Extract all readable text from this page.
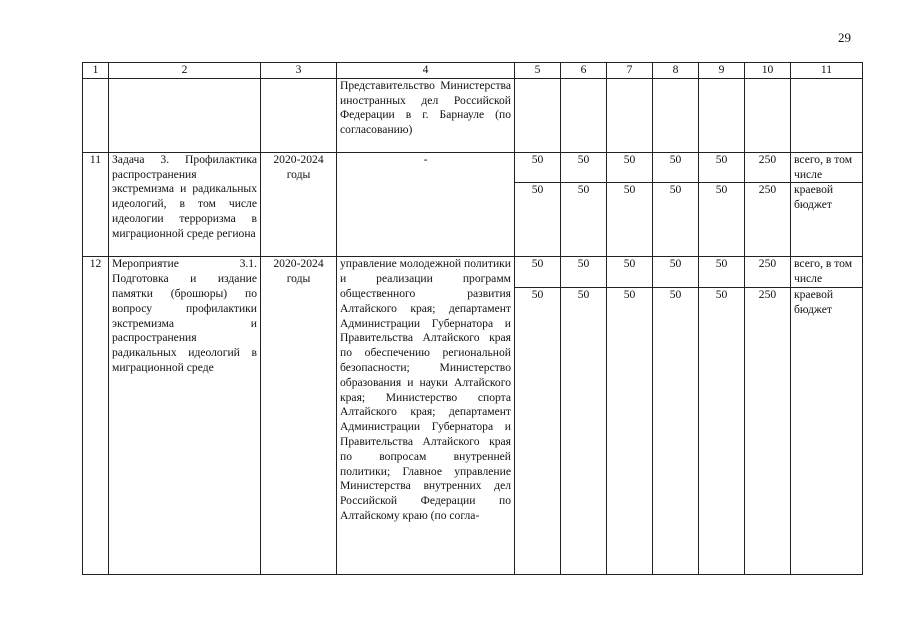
29
1	2	3	4	5	6	7	8	9	10	11
			Представительство Министерства иностранных дел Российской Федерации в г. Барнауле (по согласованию)							
11	Задача 3. Профилактика распространения экстремизма и радикальных идеологий, в том числе идеологии терроризма в миграционной среде региона	2020-2024 годы	-	50	50	50	50	50	250	всего, в том числе
				50	50	50	50	50	250	краевой бюджет
12	Мероприятие 3.1. Подготовка и издание памятки (брошюры) по вопросу профилактики экстремизма и распространения радикальных идеологий в миграционной среде	2020-2024 годы	управление молодежной политики и реализации программ общественного развития Алтайского края; департамент Администрации Губернатора и Правительства Алтайского края по обеспечению региональной безопасности; Министерство образования и науки Алтайского края; Министерство спорта Алтайского края; департамент Администрации Губернатора и Правительства Алтайского края по вопросам внутренней политики; Главное управление Министерства внутренних дел Российской Федерации по Алтайскому краю (по согла-	50	50	50	50	50	250	всего, в том числе
				50	50	50	50	50	250	краевой бюджет
